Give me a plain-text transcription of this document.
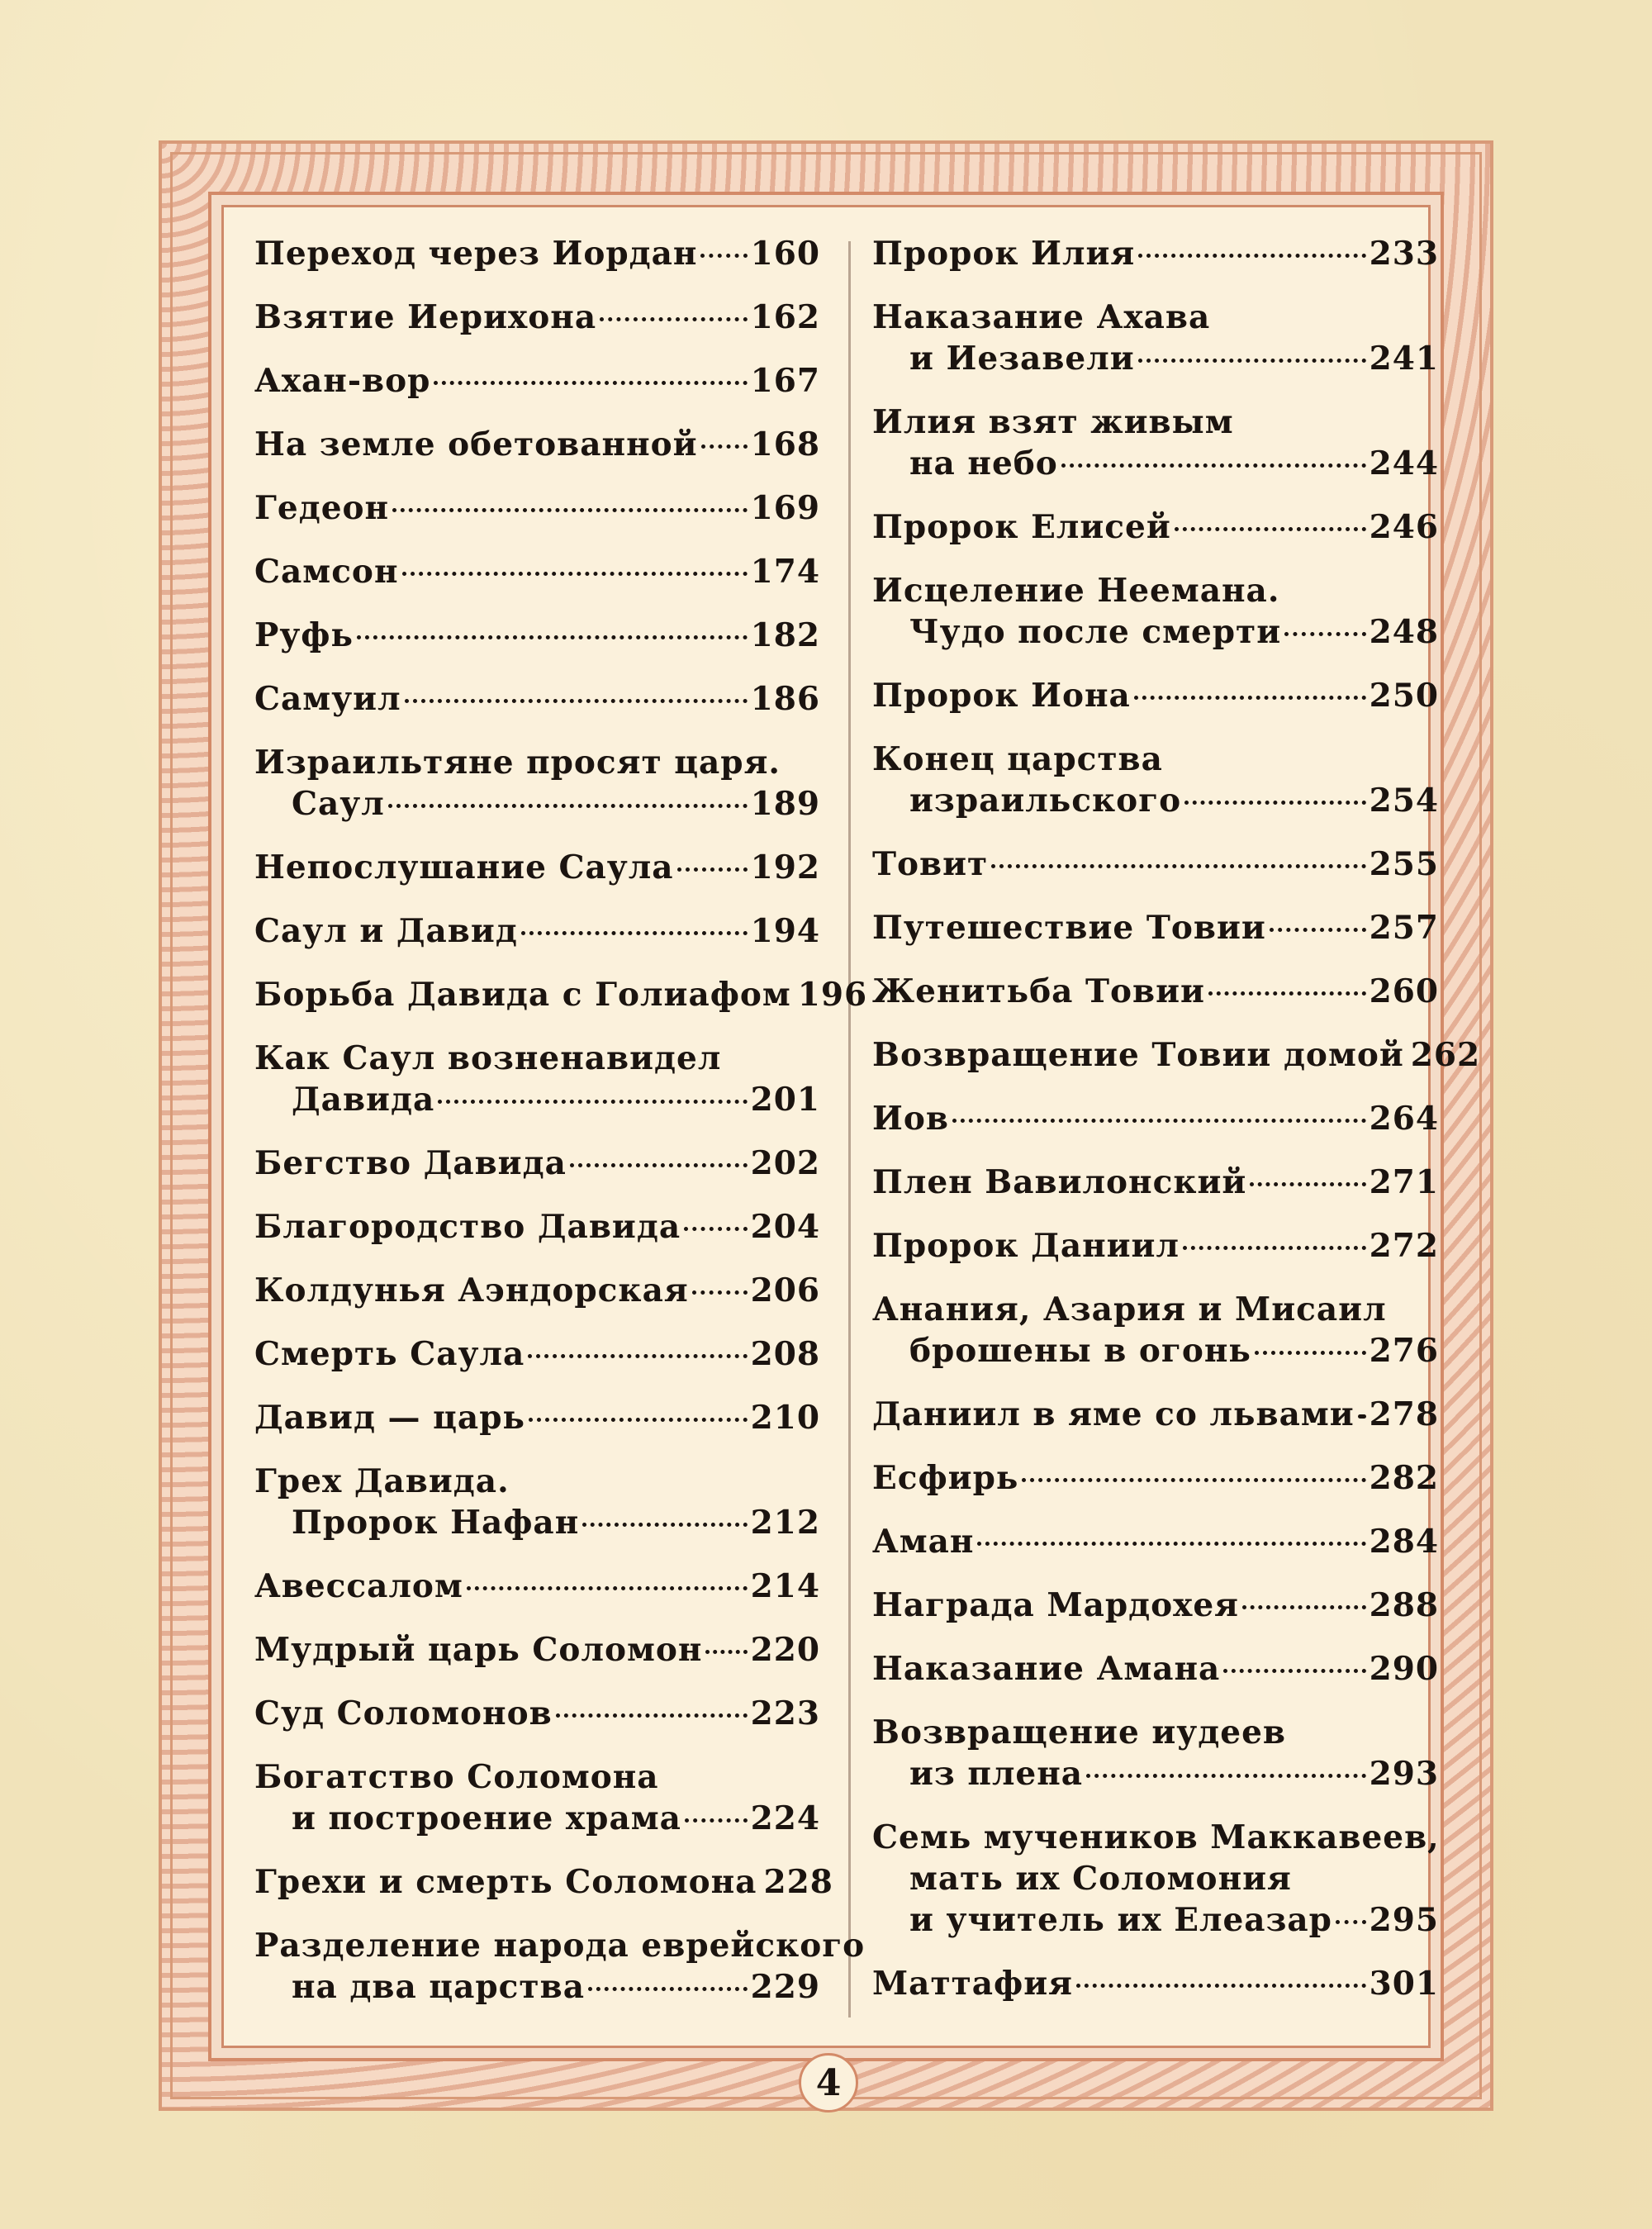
Переход через Иордан 160
Взятие Иерихона	162
Ахан-вор	167
На земле обетованной 168
Гедеон	169
Самсон	174
Руфь	182
Самуил	186
Израильтяне просят царя.
Саул	189
Непослушание Саула 192
Саул и Давид	194
Борьба Давида с Голиафом 196
Как Саул возненавидел
Давида	201
Бегство Давида	202
Благородство Давида 204
Колдунья Аэндорская 206
Смерть Саула	208
Давид — царь	210
Грех Давида.
Пророк Нафан	212
Авессалом	214
Мудрый царь Соломон 220
Суд Соломонов	223
Богатство Соломона
и построение храма 224
Грехи и смерть Соломона 228
Разделение народа еврейского
на два царства	229
Пророк Илия	233
Наказание Ахава
и Иезавели	241
Илия взят живым
на небо	244
Пророк Елисей	246
Исцеление Неемана.
Чудо после смерти	248
Пророк Иона	250
Конец царства
израильского	254
Товит	255
Путешествие Товии	257
Женитьба Товии	260
Возвращение Товии домой 262
Иов	264
Плен Вавилонский	271
Пророк Даниил	272
Анания, Азария и Мисаил
брошены в огонь	276
Даниил в яме со львами 278
Есфирь	282
Аман	284
Награда Мардохея	288
Наказание Амана	290
Возвращение иудеев
из плена	293
Семь мучеников Маккавеев,
мать их Соломония
и учитель их Елеазар 295
Маттафия	301
4
